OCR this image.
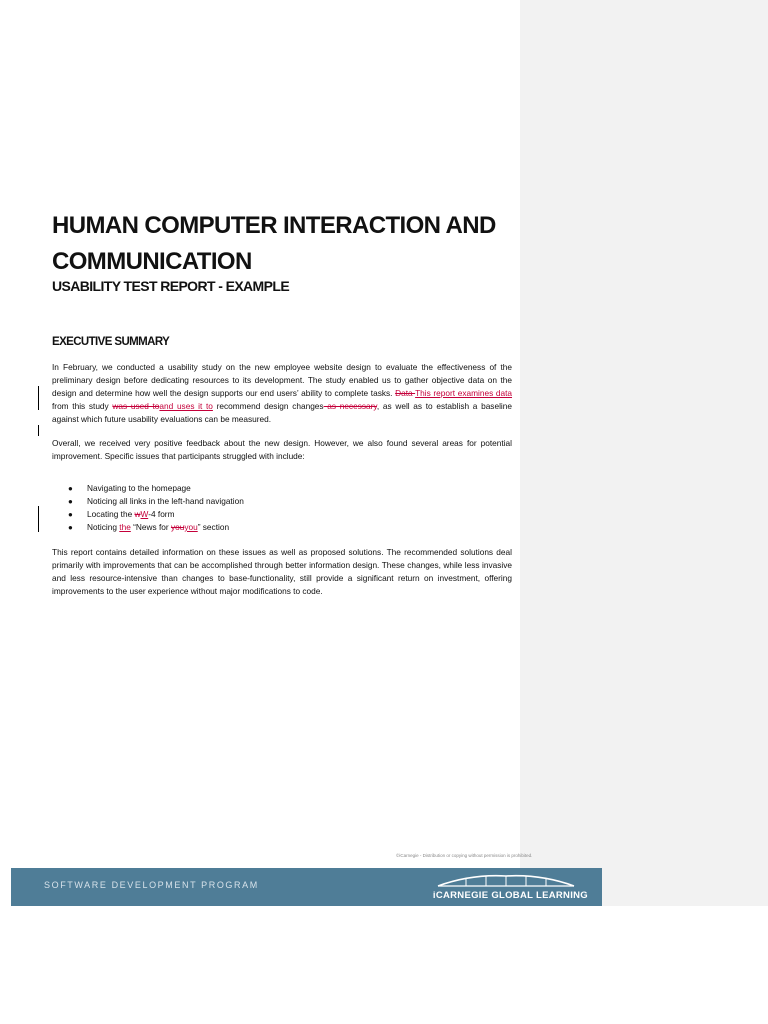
HUMAN COMPUTER INTERACTION AND
COMMUNICATION
USABILITY TEST REPORT - EXAMPLE
EXECUTIVE SUMMARY

In February, we conducted a usability study on the new employee website design to evaluate the effectiveness of the preliminary design before dedicating resources to its development. The study enabled us to gather objective data on the design and determine how well the design supports our end users’ ability to complete tasks. Data This report examines data from this study was used toand uses it to recommend design changes as necessary, as well as to establish a baseline against which future usability evaluations can be measured.

Overall, we received very positive feedback about the new design. However, we also found several areas for potential improvement. Specific issues that participants struggled with include:

● Navigating to the homepage
● Noticing all links in the left-hand navigation
● Locating the wW-4 form
● Noticing the “News for youyou” section

This report contains detailed information on these issues as well as proposed solutions. The recommended solutions deal primarily with improvements that can be accomplished through better information design. These changes, while less invasive and less resource-intensive than changes to base-functionality, still provide a significant return on investment, offering improvements to the user experience without major modifications to code.

©iCarnegie - Distribution or copying without permission is prohibited.
SOFTWARE DEVELOPMENT PROGRAM
iCARNEGIE GLOBAL LEARNING
